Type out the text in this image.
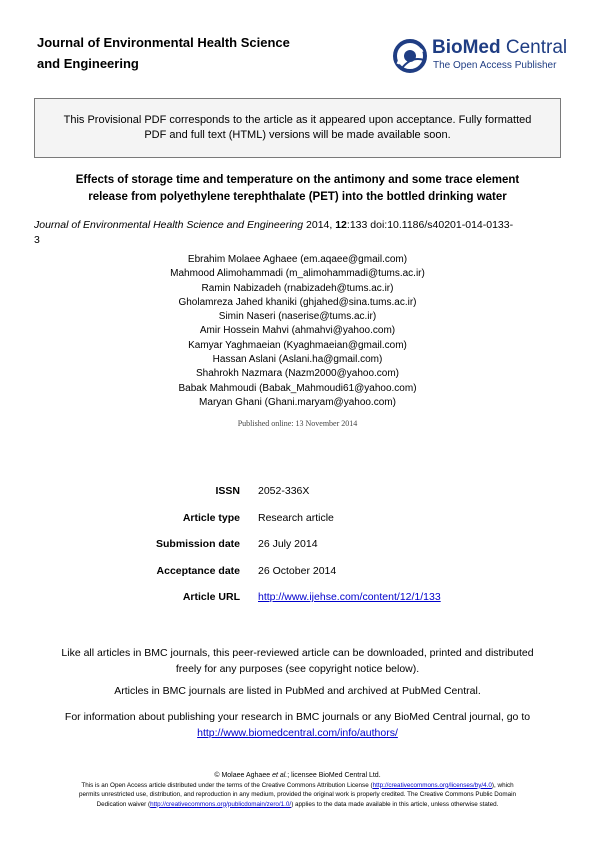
Journal of Environmental Health Science
and Engineering
BioMed Central
The Open Access Publisher
This Provisional PDF corresponds to the article as it appeared upon acceptance. Fully formatted
PDF and full text (HTML) versions will be made available soon.
Effects of storage time and temperature on the antimony and some trace element
release from polyethylene terephthalate (PET) into the bottled drinking water
Journal of Environmental Health Science and Engineering 2014, 12:133 doi:10.1186/s40201-014-0133-
3
Ebrahim Molaee Aghaee (em.aqaee@gmail.com)
Mahmood Alimohammadi (m_alimohammadi@tums.ac.ir)
Ramin Nabizadeh (rnabizadeh@tums.ac.ir)
Gholamreza Jahed khaniki (ghjahed@sina.tums.ac.ir)
Simin Naseri (naserise@tums.ac.ir)
Amir Hossein Mahvi (ahmahvi@yahoo.com)
Kamyar Yaghmaeian (Kyaghmaeian@gmail.com)
Hassan Aslani (Aslani.ha@gmail.com)
Shahrokh Nazmara (Nazm2000@yahoo.com)
Babak Mahmoudi (Babak_Mahmoudi61@yahoo.com)
Maryan Ghani (Ghani.maryam@yahoo.com)
Published online: 13 November 2014
ISSN 2052-336X
Article type Research article
Submission date 26 July 2014
Acceptance date 26 October 2014
Article URL http://www.ijehse.com/content/12/1/133
Like all articles in BMC journals, this peer-reviewed article can be downloaded, printed and distributed
freely for any purposes (see copyright notice below).
Articles in BMC journals are listed in PubMed and archived at PubMed Central.
For information about publishing your research in BMC journals or any BioMed Central journal, go to
http://www.biomedcentral.com/info/authors/
© Molaee Aghaee et al.; licensee BioMed Central Ltd.
This is an Open Access article distributed under the terms of the Creative Commons Attribution License (http://creativecommons.org/licenses/by/4.0), which
permits unrestricted use, distribution, and reproduction in any medium, provided the original work is properly credited. The Creative Commons Public Domain
Dedication waiver (http://creativecommons.org/publicdomain/zero/1.0/) applies to the data made available in this article, unless otherwise stated.
